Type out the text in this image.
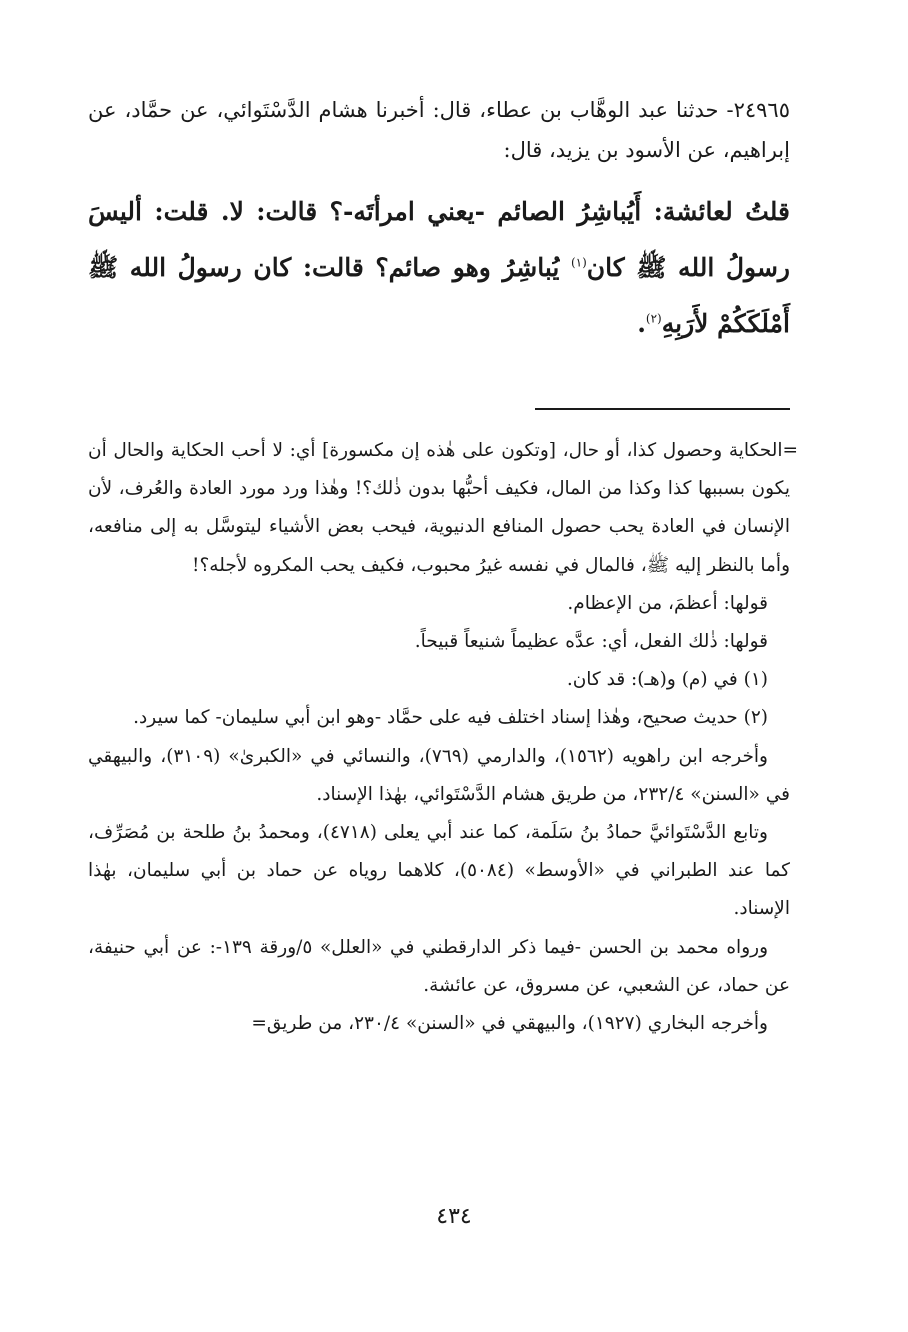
٢٤٩٦٥- حدثنا عبد الوهَّاب بن عطاء، قال: أخبرنا هشام الدَّسْتَوائي، عن حمَّاد، عن إبراهيم، عن الأسود بن يزيد، قال:

قلتُ لعائشة: أَيُباشِرُ الصائم -يعني امرأتَه-؟ قالت: لا. قلت: أليسَ رسولُ الله ﷺ كان$^{(١)}$ يُباشِرُ وهو صائم؟ قالت: كان رسولُ الله ﷺ أَمْلَكَكُمْ لأَرَبِهِ$^{(٢)}$.

=الحكاية وحصول كذا، أو حال، [وتكون على هٰذه إن مكسورة] أي: لا أحب الحكاية والحال أن يكون بسببها كذا وكذا من المال، فكيف أحبُّها بدون ذٰلك؟! وهٰذا ورد مورد العادة والعُرف، لأن الإنسان في العادة يحب حصول المنافع الدنيوية، فيحب بعض الأشياء ليتوسَّل به إلى منافعه، وأما بالنظر إليه ﷺ، فالمال في نفسه غيرُ محبوب، فكيف يحب المكروه لأجله؟!

قولها: أعظمَ، من الإعظام.

قولها: ذٰلك الفعل، أي: عدَّه عظيماً شنيعاً قبيحاً.

(١) في (م) و(هـ): قد كان.

(٢) حديث صحيح، وهٰذا إسناد اختلف فيه على حمَّاد -وهو ابن أبي سليمان- كما سيرد.

وأخرجه ابن راهويه (١٥٦٢)، والدارمي (٧٦٩)، والنسائي في «الكبرىٰ» (٣١٠٩)، والبيهقي في «السنن» ٢٣٢/٤، من طريق هشام الدَّسْتَوائي، بهٰذا الإسناد.

وتابع الدَّسْتَوائيَّ حمادُ بنُ سَلَمة، كما عند أبي يعلى (٤٧١٨)، ومحمدُ بنُ طلحة بن مُصَرِّف، كما عند الطبراني في «الأوسط» (٥٠٨٤)، كلاهما روياه عن حماد بن أبي سليمان، بهٰذا الإسناد.

ورواه محمد بن الحسن -فيما ذكر الدارقطني في «العلل» ٥/ورقة ١٣٩-: عن أبي حنيفة، عن حماد، عن الشعبي، عن مسروق، عن عائشة.

وأخرجه البخاري (١٩٢٧)، والبيهقي في «السنن» ٢٣٠/٤، من طريق=

٤٣٤
